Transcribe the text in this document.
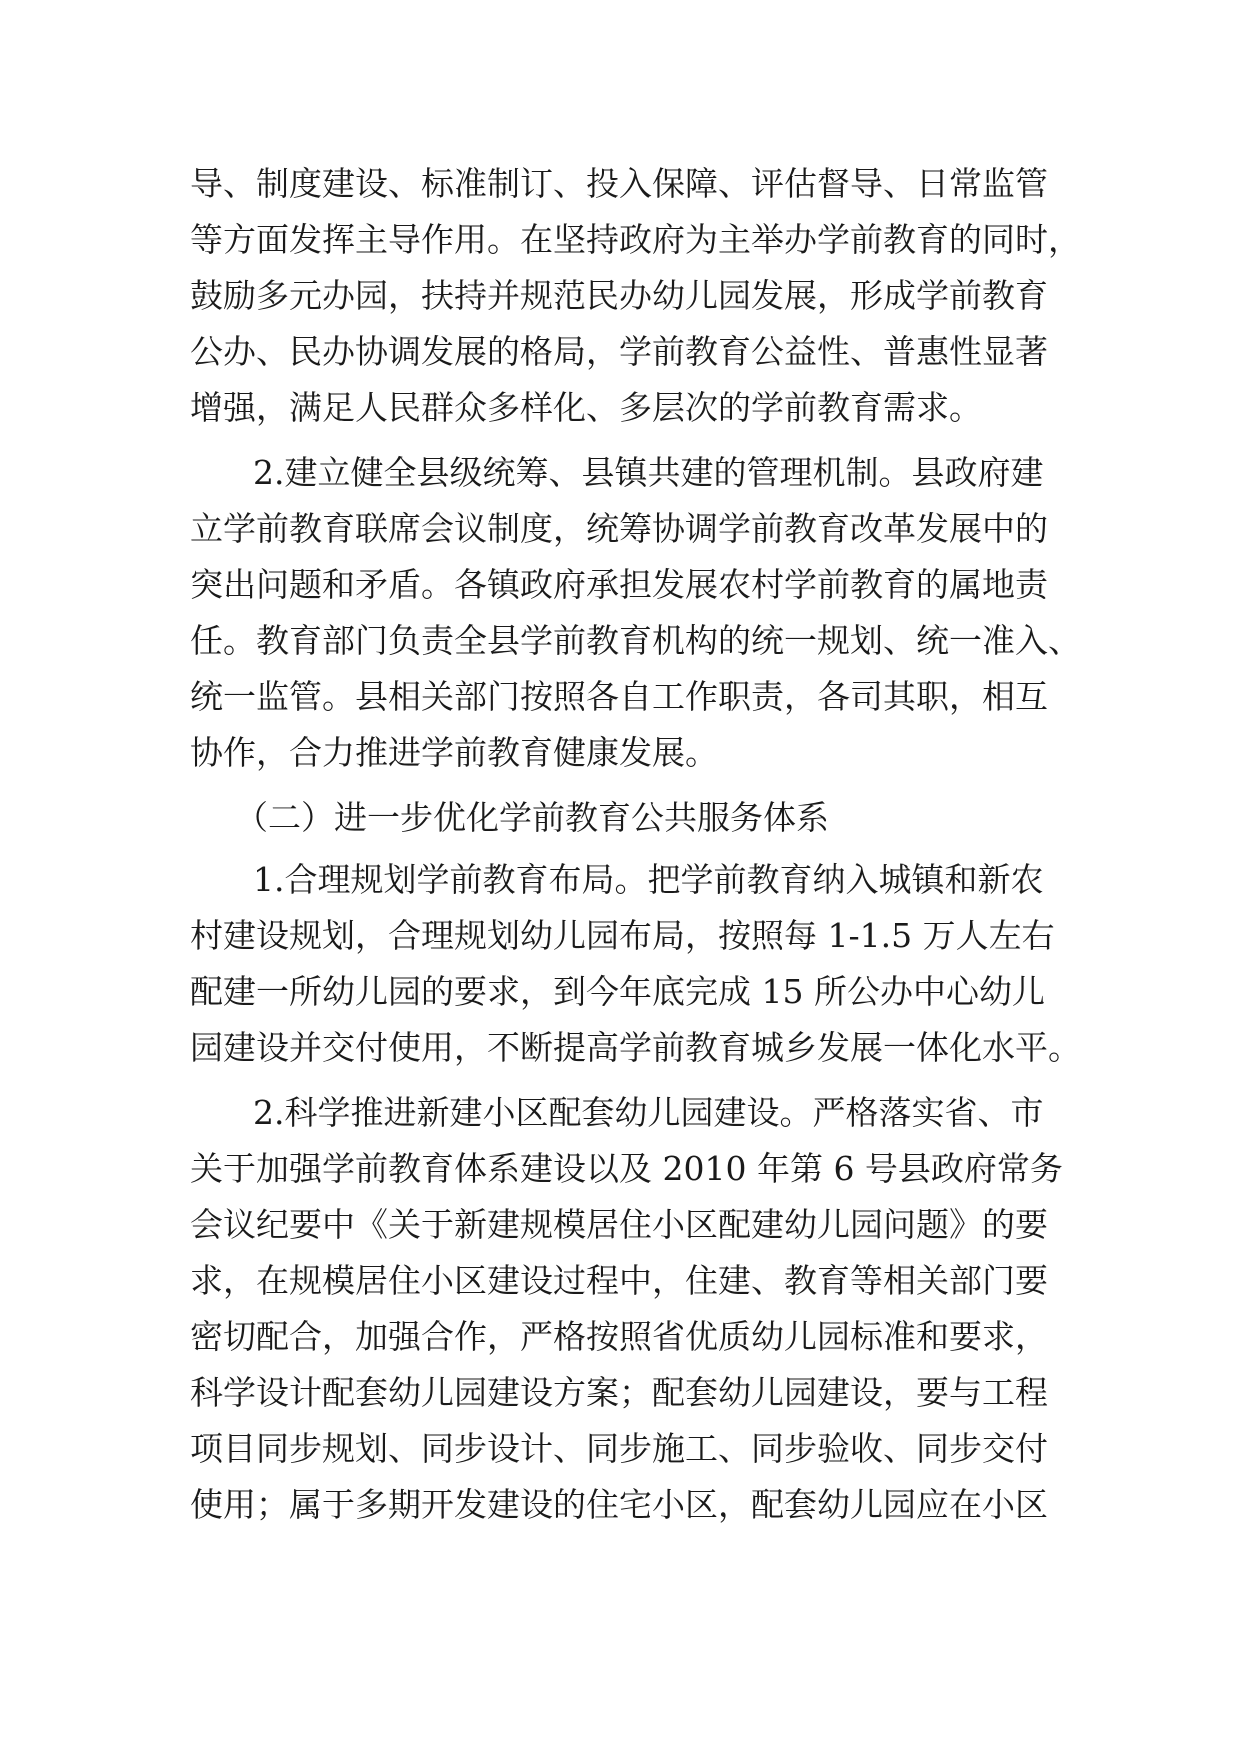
导、制度建设、标准制订、投入保障、评估督导、日常监管
等方面发挥主导作用。在坚持政府为主举办学前教育的同时，
鼓励多元办园，扶持并规范民办幼儿园发展，形成学前教育
公办、民办协调发展的格局，学前教育公益性、普惠性显著
增强，满足人民群众多样化、多层次的学前教育需求。
2.建立健全县级统筹、县镇共建的管理机制。县政府建
立学前教育联席会议制度，统筹协调学前教育改革发展中的
突出问题和矛盾。各镇政府承担发展农村学前教育的属地责
任。教育部门负责全县学前教育机构的统一规划、统一准入、
统一监管。县相关部门按照各自工作职责，各司其职，相互
协作，合力推进学前教育健康发展。
（二）进一步优化学前教育公共服务体系
1.合理规划学前教育布局。把学前教育纳入城镇和新农
村建设规划，合理规划幼儿园布局，按照每 1-1.5 万人左右
配建一所幼儿园的要求，到今年底完成 15 所公办中心幼儿
园建设并交付使用，不断提高学前教育城乡发展一体化水平。
2.科学推进新建小区配套幼儿园建设。严格落实省、市
关于加强学前教育体系建设以及 2010 年第 6 号县政府常务
会议纪要中《关于新建规模居住小区配建幼儿园问题》的要
求，在规模居住小区建设过程中，住建、教育等相关部门要
密切配合，加强合作，严格按照省优质幼儿园标准和要求，
科学设计配套幼儿园建设方案；配套幼儿园建设，要与工程
项目同步规划、同步设计、同步施工、同步验收、同步交付
使用；属于多期开发建设的住宅小区，配套幼儿园应在小区
